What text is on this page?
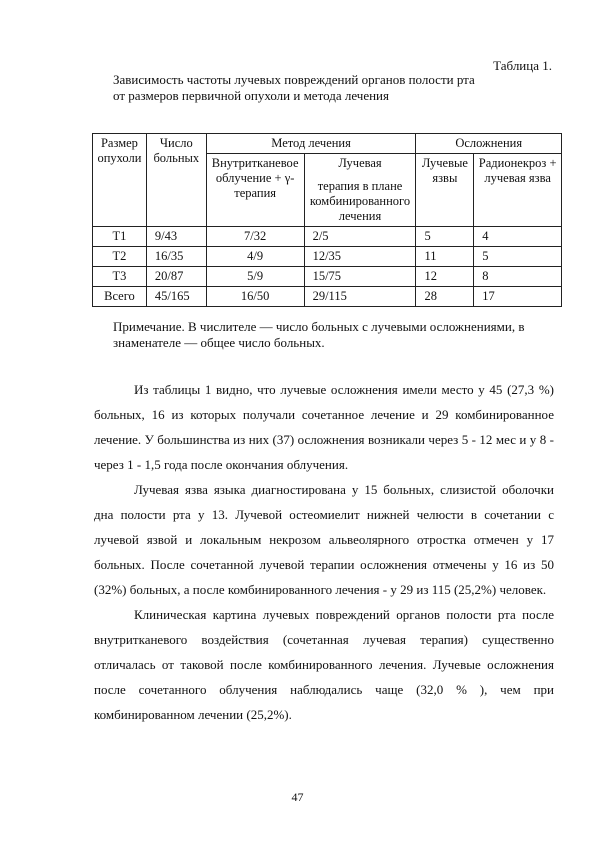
Таблица 1.
Зависимость частоты лучевых повреждений органов полости рта
от размеров первичной опухоли и метода лечения
Размер опухоли	Число больных	Метод лечения		Осложнения	
		Внутритканевое облучение + γ-терапия	Лучевая
терапия в плане комбинированного лечения	Лучевые язвы	Радионекроз + лучевая язва
T1	9/43	7/32	2/5	5	4
T2	16/35	4/9	12/35	11	5
T3	20/87	5/9	15/75	12	8
Всего	45/165	16/50	29/115	28	17
Примечание. В числителе — число больных с лучевыми осложнениями, в знаменателе — общее число больных.

Из таблицы 1 видно, что лучевые осложнения имели место у 45 (27,3 %) больных, 16 из которых получали сочетанное лечение и 29 комбинированное лечение. У большинства из них (37) осложнения возникали через 5 - 12 мес и у 8 - через 1 - 1,5 года после окончания облучения.

Лучевая язва языка диагностирована у 15 больных, слизистой оболочки дна полости рта у 13. Лучевой остеомиелит нижней челюсти в сочетании с лучевой язвой и локальным некрозом альвеолярного отростка отмечен у 17 больных. После сочетанной лучевой терапии осложнения отмечены у 16 из 50 (32%) больных, а после комбинированного лечения - у 29 из 115 (25,2%) человек.

Клиническая картина лучевых повреждений органов полости рта после внутритканевого воздействия (сочетанная лучевая терапия) существенно отличалась от таковой после комбинированного лечения. Лучевые осложнения после сочетанного облучения наблюдались чаще (32,0 % ), чем при комбинированном лечении (25,2%).

47
